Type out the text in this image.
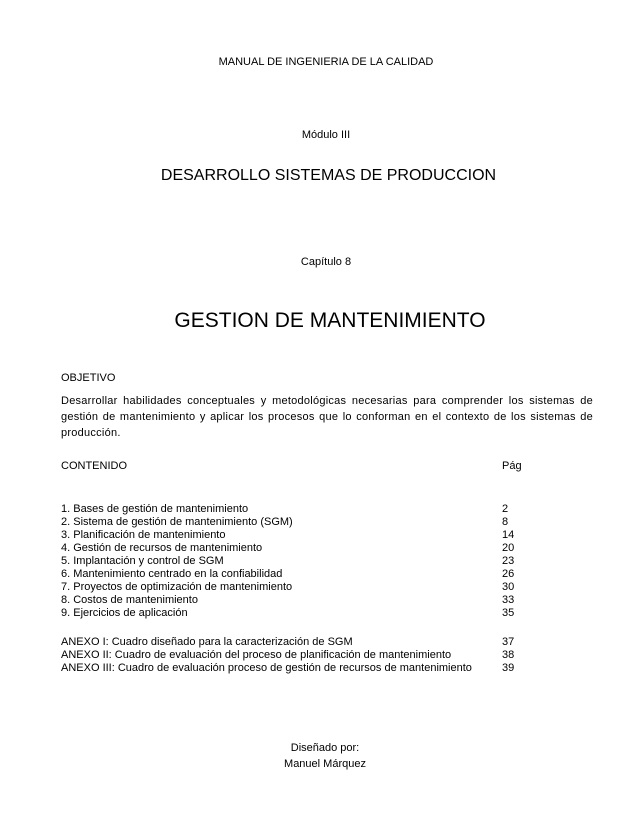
MANUAL DE INGENIERIA DE LA CALIDAD
Módulo III
DESARROLLO SISTEMAS DE PRODUCCION
Capítulo 8
GESTION DE MANTENIMIENTO
OBJETIVO
Desarrollar habilidades conceptuales y metodológicas necesarias para comprender los sistemas de gestión de mantenimiento y aplicar los procesos que lo conforman en el contexto de los sistemas de producción.
CONTENIDO	Pág
1. Bases de gestión de mantenimiento	2
2. Sistema de gestión de mantenimiento (SGM)	8
3. Planificación de mantenimiento	14
4. Gestión de recursos de mantenimiento	20
5. Implantación y control de SGM	23
6. Mantenimiento centrado en la confiabilidad	26
7. Proyectos de optimización de mantenimiento	30
8. Costos de mantenimiento	33
9. Ejercicios de aplicación	35
ANEXO I: Cuadro diseñado para la caracterización de SGM	37
ANEXO II: Cuadro de evaluación del proceso de planificación de mantenimiento	38
ANEXO III: Cuadro de evaluación proceso de gestión de recursos de mantenimiento	39
Diseñado por:
Manuel Márquez
